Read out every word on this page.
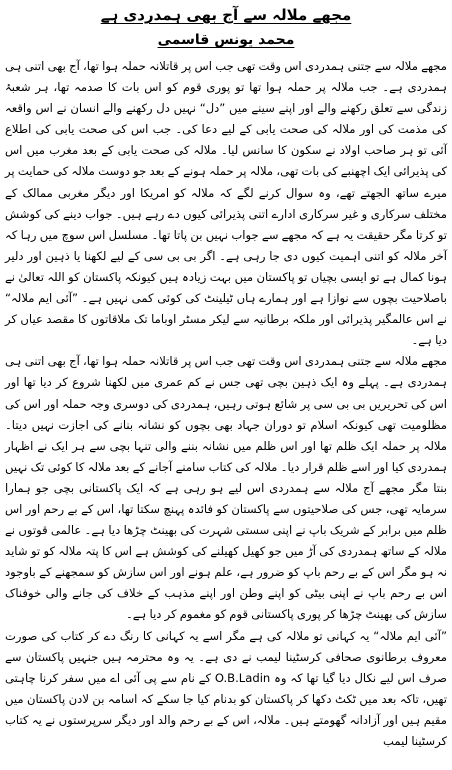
مجھے ملالہ سے آج بھی ہمدردی ہے
محمد یونس قاسمی

مجھے ملالہ سے جتنی ہمدردی اس وقت تھی جب اس پر قاتلانہ حملہ ہوا تھا، آج بھی اتنی ہی ہمدردی ہے۔ جب ملالہ پر حملہ ہوا تھا تو پوری قوم کو اس بات کا صدمہ تھا، ہر شعبۂ زندگی سے تعلق رکھنے والے اور اپنے سینے میں ”دل“ نہیں دل رکھنے والے انسان نے اس واقعہ کی مذمت کی اور ملالہ کی صحت یابی کے لیے دعا کی۔ جب اس کی صحت یابی کی اطلاع آئی تو ہر صاحب اولاد نے سکون کا سانس لیا۔ ملالہ کی صحت یابی کے بعد مغرب میں اس کی پذیرائی ایک اچھنبے کی بات تھی، ملالہ پر حملہ ہونے کے بعد جو دوست ملالہ کی حمایت پر میرے ساتھ الجھتے تھے، وہ سوال کرنے لگے کہ ملالہ کو امریکا اور دیگر مغربی ممالک کے مختلف سرکاری و غیر سرکاری ادارے اتنی پذیرائی کیوں دے رہے ہیں۔ جواب دینے کی کوشش تو کرتا مگر حقیقت یہ ہے کہ مجھے سے جواب نہیں بن پاتا تھا۔ مسلسل اس سوچ میں رہا کہ آخر ملالہ کو اتنی اہمیت کیوں دی جا رہی ہے۔ اگر بی بی سی کے لیے لکھنا یا ذہین اور دلیر ہونا کمال ہے تو ایسی بچیاں تو پاکستان میں بہت زیادہ ہیں کیونکہ پاکستان کو اللہ تعالیٰ نے باصلاحیت بچوں سے نوازا ہے اور ہمارے ہاں ٹیلینٹ کی کوئی کمی نہیں ہے۔ ”آئی ایم ملالہ“ نے اس عالمگیر پذیرائی اور ملکہ برطانیہ سے لیکر مسٹر اوباما تک ملاقاتوں کا مقصد عیاں کر دیا ہے۔

مجھے ملالہ سے جتنی ہمدردی اس وقت تھی جب اس پر قاتلانہ حملہ ہوا تھا، آج بھی اتنی ہی ہمدردی ہے۔ پہلے وہ ایک ذہین بچی تھی جس نے کم عمری میں لکھنا شروع کر دیا تھا اور اس کی تحریریں بی بی سی پر شائع ہوتی رہیں، ہمدردی کی دوسری وجہ حملہ اور اس کی مظلومیت تھی کیونکہ اسلام تو دوران جہاد بھی بچوں کو نشانہ بنانے کی اجازت نہیں دیتا۔ ملالہ پر حملہ ایک ظلم تھا اور اس ظلم میں نشانہ بننے والی تنہا بچی سے ہر ایک نے اظہار ہمدردی کیا اور اسے ظلم قرار دیا۔ ملالہ کی کتاب سامنے آجانے کے بعد ملالہ کا کوئی تک نہیں بنتا مگر مجھے آج ملالہ سے ہمدردی اس لیے ہو رہی ہے کہ ایک پاکستانی بچی جو ہمارا سرمایہ تھی، جس کی صلاحیتوں سے پاکستان کو فائدہ پہنچ سکتا تھا، اس کے بے رحم اور اس ظلم میں برابر کے شریک باپ نے اپنی سستی شہرت کی بھینٹ چڑھا دیا ہے۔ عالمی قوتوں نے ملالہ کے ساتھ ہمدردی کی آڑ میں جو کھیل کھیلنے کی کوشش ہے اس کا پتہ ملالہ کو تو شاید نہ ہو مگر اس کے بے رحم باپ کو ضرور ہے، علم ہونے اور اس سازش کو سمجھنے کے باوجود اس بے رحم باپ نے اپنی بیٹی کو اپنے وطن اور اپنے مذہب کے خلاف کی جانے والی خوفناک سازش کی بھینٹ چڑھا کر پوری پاکستانی قوم کو مغموم کر دیا ہے۔

”آئی ایم ملالہ“ یہ کہانی تو ملالہ کی ہے مگر اسے یہ کہانی کا رنگ دے کر کتاب کی صورت معروف برطانوی صحافی کرسٹینا لیمب نے دی ہے۔ یہ وہ محترمہ ہیں جنہیں پاکستان سے صرف اس لیے نکال دیا گیا تھا کہ وہ O.B.Ladin کے نام سے پی آئی اے میں سفر کرنا چاہتی تھیں، تاکہ بعد میں ٹکٹ دکھا کر پاکستان کو بدنام کیا جا سکے کہ اسامہ بن لادن پاکستان میں مقیم ہیں اور آزادانہ گھومتے ہیں۔ ملالہ، اس کے بے رحم والد اور دیگر سرپرستوں نے یہ کتاب کرسٹینا لیمب
